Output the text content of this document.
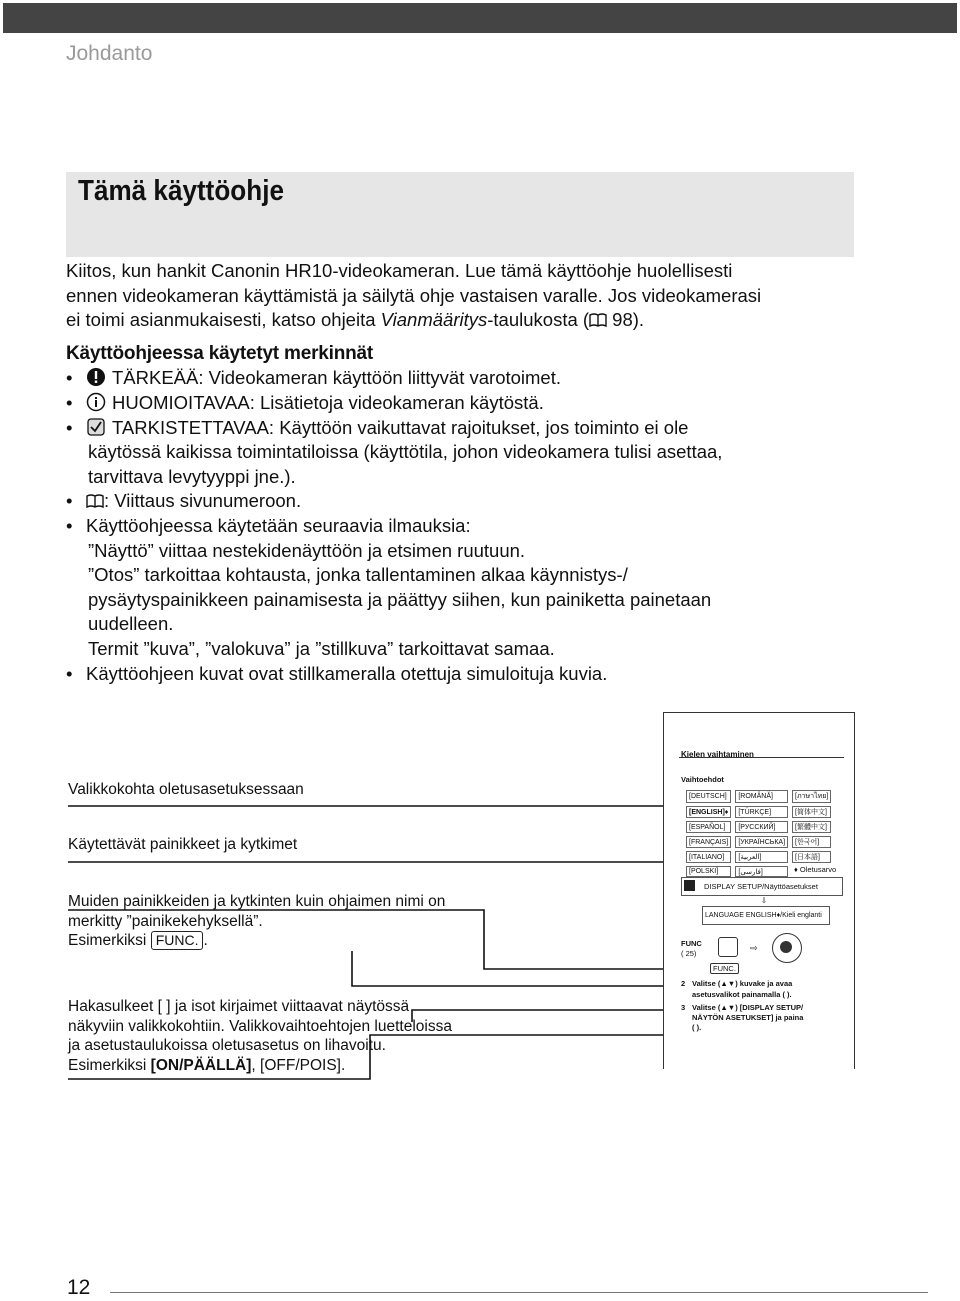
Johdanto
Tämä käyttöohje

Kiitos, kun hankit Canonin HR10-videokameran. Lue tämä käyttöohje huolellisesti

ennen videokameran käyttämistä ja säilytä ohje vastaisen varalle. Jos videokamerasi

ei toimi asianmukaisesti, katso ohjeita Vianmääritys-taulukosta ( 98).

Käyttöohjeessa käytetyt merkinnät

• TÄRKEÄÄ: Videokameran käyttöön liittyvät varotoimet.
• HUOMIOITAVAA: Lisätietoja videokameran käytöstä.
• TARKISTETTAVAA: Käyttöön vaikuttavat rajoitukset, jos toiminto ei ole

käytössä kaikissa toimintatiloissa (käyttötila, johon videokamera tulisi asettaa,

tarvittava levytyyppi jne.).

• : Viittaus sivunumeroon.
• Käyttöohjeessa käytetään seuraavia ilmauksia:

”Näyttö” viittaa nestekidenäyttöön ja etsimen ruutuun.

”Otos” tarkoittaa kohtausta, jonka tallentaminen alkaa käynnistys-/

pysäytyspainikkeen painamisesta ja päättyy siihen, kun painiketta painetaan

uudelleen.

Termit ”kuva”, ”valokuva” ja ”stillkuva” tarkoittavat samaa.

• Käyttöohjeen kuvat ovat stillkameralla otettuja simuloituja kuvia.
Valikkokohta oletusasetuksessaan
Käytettävät painikkeet ja kytkimet
Muiden painikkeiden ja kytkinten kuin ohjaimen nimi on
merkitty ”painikekehyksellä”.
Esimerkiksi FUNC. .
Hakasulkeet [ ] ja isot kirjaimet viittaavat näytössä
näkyviin valikkokohtiin. Valikkovaihtoehtojen luetteloissa
ja asetustaulukoissa oletusasetus on lihavoitu.
Esimerkiksi [ON/PÄÄLLÄ], [OFF/POIS].
Kielen vaihtaminen
Vaihtoehdot
[DEUTSCH]	[ROMÂNĂ]	[ภาษาไทย]
[ENGLISH]♦	[TÜRKÇE]	[简体中文]
[ESPAÑOL]	[РУССКИЙ]	[繁體中文]
[FRANÇAIS]	[УКРАЇНСЬКА]	[한국어]
[ITALIANO]	[العربية]	[日本語]
[POLSKI]	[فارسی]		♦ Oletusarvo
DISPLAY SETUP/Näyttöasetukset
⇩
LANGUAGE ENGLISH♦/Kieli englanti
FUNC
( 25)
⇨
FUNC.
2 Valitse (▲▼) kuvake ja avaa
asetusvalikot painamalla ( ).
3 Valitse (▲▼) [DISPLAY SETUP/
NÄYTÖN ASETUKSET] ja paina
( ).
12
